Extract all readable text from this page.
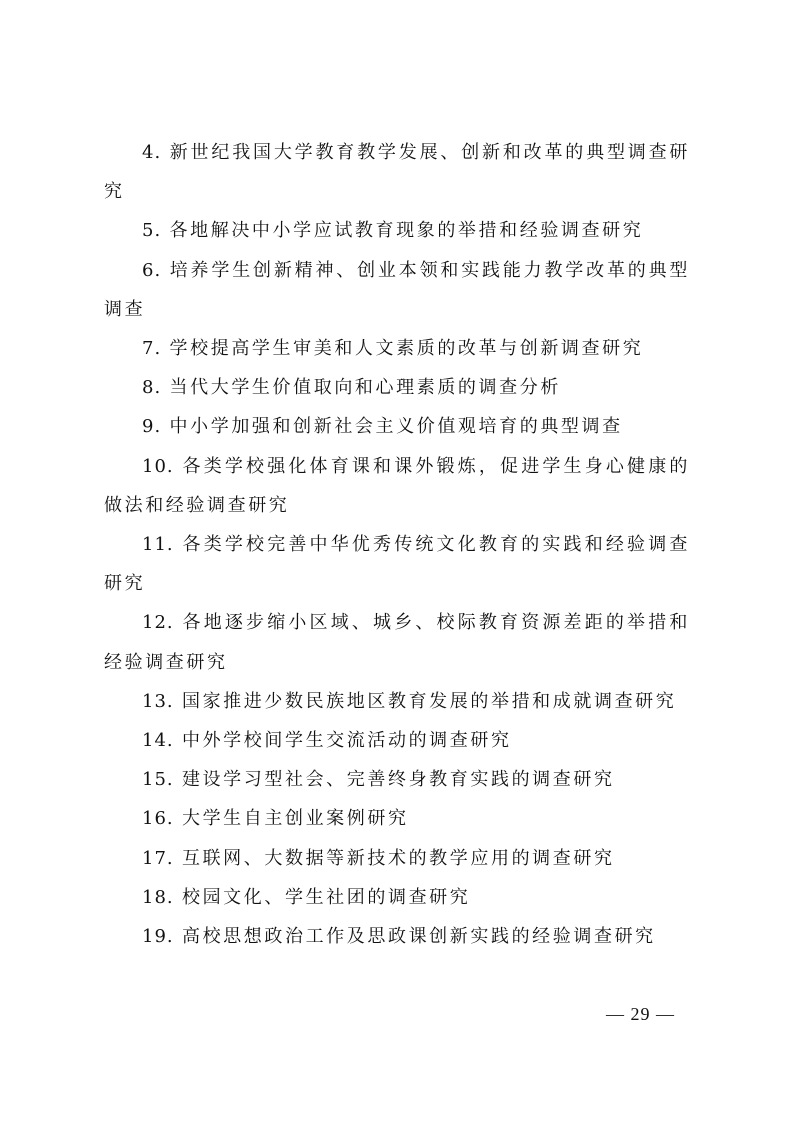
4. 新世纪我国大学教育教学发展、创新和改革的典型调查研究

5. 各地解决中小学应试教育现象的举措和经验调查研究

6. 培养学生创新精神、创业本领和实践能力教学改革的典型调查

7. 学校提高学生审美和人文素质的改革与创新调查研究

8. 当代大学生价值取向和心理素质的调查分析

9. 中小学加强和创新社会主义价值观培育的典型调查

10. 各类学校强化体育课和课外锻炼，促进学生身心健康的做法和经验调查研究

11. 各类学校完善中华优秀传统文化教育的实践和经验调查研究

12. 各地逐步缩小区域、城乡、校际教育资源差距的举措和经验调查研究

13. 国家推进少数民族地区教育发展的举措和成就调查研究

14. 中外学校间学生交流活动的调查研究

15. 建设学习型社会、完善终身教育实践的调查研究

16. 大学生自主创业案例研究

17. 互联网、大数据等新技术的教学应用的调查研究

18. 校园文化、学生社团的调查研究

19. 高校思想政治工作及思政课创新实践的经验调查研究

— 29 —
